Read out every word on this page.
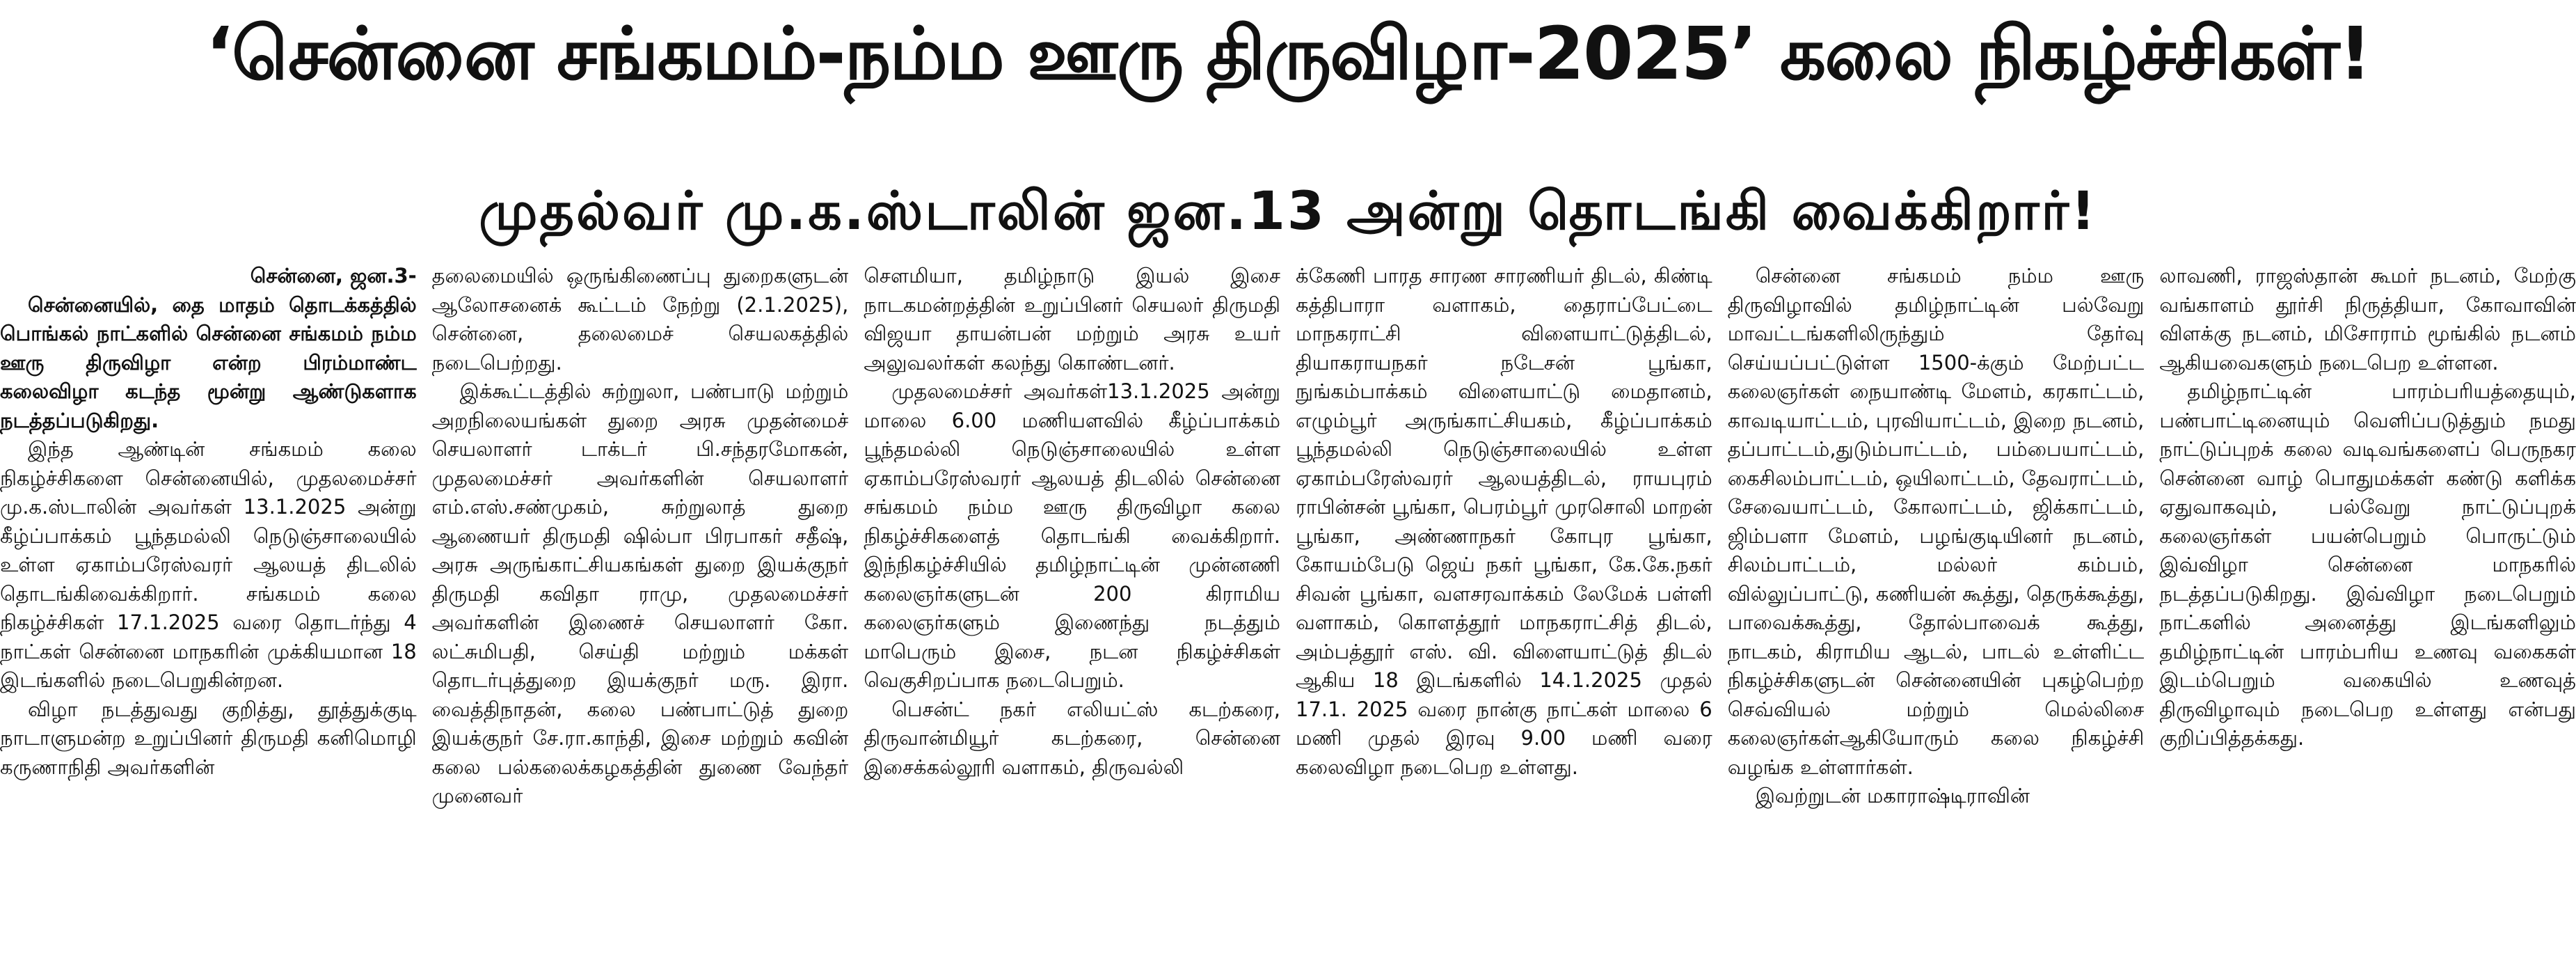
‘சென்னை சங்கமம்-நம்ம ஊரு திருவிழா-2025’ கலை நிகழ்ச்சிகள்!
முதல்வர் மு.க.ஸ்டாலின் ஜன.13 அன்று தொடங்கி வைக்கிறார்!

சென்னை, ஜன.3-

சென்னையில், தை மாதம் தொடக்கத்தில் பொங்கல் நாட்களில் சென்னை சங்கமம் நம்ம ஊரு திருவிழா என்ற பிரம்மாண்ட கலைவிழா கடந்த மூன்று ஆண்டுகளாக நடத்தப்படுகிறது.

இந்த ஆண்டின் சங்கமம் கலை நிகழ்ச்சிகளை சென்னையில், முதலமைச்சர் மு.க.ஸ்டாலின் அவர்கள் 13.1.2025 அன்று கீழ்ப்பாக்கம் பூந்தமல்லி நெடுஞ்சாலையில் உள்ள ஏகாம்பரேஸ்வரர் ஆலயத் திடலில் தொடங்கிவைக்கிறார். சங்கமம் கலை நிகழ்ச்சிகள் 17.1.2025 வரை தொடர்ந்து 4 நாட்கள் சென்னை மாநகரின் முக்கியமான 18 இடங்களில் நடைபெறுகின்றன.

விழா நடத்துவது குறித்து, தூத்துக்குடி நாடாளுமன்ற உறுப்பினர் திருமதி கனிமொழி கருணாநிதி அவர்களின்

தலைமையில் ஒருங்கிணைப்பு துறைகளுடன் ஆலோசனைக் கூட்டம் நேற்று (2.1.2025), சென்னை, தலைமைச் செயலகத்தில் நடைபெற்றது.

இக்கூட்டத்தில் சுற்றுலா, பண்பாடு மற்றும் அறநிலையங்கள் துறை அரசு முதன்மைச் செயலாளர் டாக்டர் பி.சந்தரமோகன், முதலமைச்சர் அவர்களின் செயலாளர் எம்.எஸ்.சண்முகம், சுற்றுலாத் துறை ஆணையர் திருமதி ஷில்பா பிரபாகர் சதீஷ், அரசு அருங்காட்சியகங்கள் துறை இயக்குநர் திருமதி கவிதா ராமு, முதலமைச்சர் அவர்களின் இணைச் செயலாளர் கோ. லட்சுமிபதி, செய்தி மற்றும் மக்கள் தொடர்புத்துறை இயக்குநர் மரு. இரா. வைத்திநாதன், கலை பண்பாட்டுத் துறை இயக்குநர் சே.ரா.காந்தி, இசை மற்றும் கவின் கலை பல்கலைக்கழகத்தின் துணை வேந்தர் முனைவர்

சௌமியா, தமிழ்நாடு இயல் இசை நாடகமன்றத்தின் உறுப்பினர் செயலர் திருமதி விஜயா தாயன்பன் மற்றும் அரசு உயர் அலுவலர்கள் கலந்து கொண்டனர்.

முதலமைச்சர் அவர்கள்13.1.2025 அன்று மாலை 6.00 மணியளவில் கீழ்ப்பாக்கம் பூந்தமல்லி நெடுஞ்சாலையில் உள்ள ஏகாம்பரேஸ்வரர் ஆலயத் திடலில் சென்னை சங்கமம் நம்ம ஊரு திருவிழா கலை நிகழ்ச்சிகளைத் தொடங்கி வைக்கிறார். இந்நிகழ்ச்சியில் தமிழ்நாட்டின் முன்னணி கலைஞர்களுடன் 200 கிராமிய கலைஞர்களும் இணைந்து நடத்தும் மாபெரும் இசை, நடன நிகழ்ச்சிகள் வெகுசிறப்பாக நடைபெறும்.

பெசன்ட் நகர் எலியட்ஸ் கடற்கரை, திருவான்மியூர் கடற்கரை, சென்னை இசைக்கல்லூரி வளாகம், திருவல்லி

க்கேணி பாரத சாரண சாரணியர் திடல், கிண்டி கத்திபாரா வளாகம், தைராப்பேட்டை மாநகராட்சி விளையாட்டுத்திடல், தியாகராயநகர் நடேசன் பூங்கா, நுங்கம்பாக்கம் விளையாட்டு மைதானம், எழும்பூர் அருங்காட்சியகம், கீழ்ப்பாக்கம் பூந்தமல்லி நெடுஞ்சாலையில் உள்ள ஏகாம்பரேஸ்வரர் ஆலயத்திடல், ராயபுரம் ராபின்சன் பூங்கா, பெரம்பூர் முரசொலி மாறன் பூங்கா, அண்ணாநகர் கோபுர பூங்கா, கோயம்பேடு ஜெய் நகர் பூங்கா, கே.கே.நகர் சிவன் பூங்கா, வளசரவாக்கம் லேமேக் பள்ளி வளாகம், கொளத்தூர் மாநகராட்சித் திடல், அம்பத்தூர் எஸ். வி. விளையாட்டுத் திடல் ஆகிய 18 இடங்களில் 14.1.2025 முதல் 17.1. 2025 வரை நான்கு நாட்கள் மாலை 6 மணி முதல் இரவு 9.00 மணி வரை கலைவிழா நடைபெற உள்ளது.

சென்னை சங்கமம் நம்ம ஊரு திருவிழாவில் தமிழ்நாட்டின் பல்வேறு மாவட்டங்களிலிருந்தும் தேர்வு செய்யப்பட்டுள்ள 1500-க்கும் மேற்பட்ட கலைஞர்கள் நையாண்டி மேளம், கரகாட்டம், காவடியாட்டம், புரவியாட்டம், இறை நடனம், தப்பாட்டம்,துடும்பாட்டம், பம்பையாட்டம், கைசிலம்பாட்டம், ஒயிலாட்டம், தேவராட்டம், சேவையாட்டம், கோலாட்டம், ஜிக்காட்டம், ஜிம்பளா மேளம், பழங்குடியினர் நடனம், சிலம்பாட்டம், மல்லர் கம்பம், வில்லுப்பாட்டு, கணியன் கூத்து, தெருக்கூத்து, பாவைக்கூத்து, தோல்பாவைக் கூத்து, நாடகம், கிராமிய ஆடல், பாடல் உள்ளிட்ட நிகழ்ச்சிகளுடன் சென்னையின் புகழ்பெற்ற செவ்வியல் மற்றும் மெல்லிசை கலைஞர்கள்ஆகியோரும் கலை நிகழ்ச்சி வழங்க உள்ளார்கள்.

இவற்றுடன் மகாராஷ்டிராவின்

லாவணி, ராஜஸ்தான் கூமர் நடனம், மேற்கு வங்காளம் தூர்சி நிருத்தியா, கோவாவின் விளக்கு நடனம், மிசோராம் மூங்கில் நடனம் ஆகியவைகளும் நடைபெற உள்ளன.

தமிழ்நாட்டின் பாரம்பரியத்தையும், பண்பாட்டினையும் வெளிப்படுத்தும் நமது நாட்டுப்புறக் கலை வடிவங்களைப் பெருநகர சென்னை வாழ் பொதுமக்கள் கண்டு களிக்க ஏதுவாகவும், பல்வேறு நாட்டுப்புறக் கலைஞர்கள் பயன்பெறும் பொருட்டும் இவ்விழா சென்னை மாநகரில் நடத்தப்படுகிறது. இவ்விழா நடைபெறும் நாட்களில் அனைத்து இடங்களிலும் தமிழ்நாட்டின் பாரம்பரிய உணவு வகைகள் இடம்பெறும் வகையில் உணவுத் திருவிழாவும் நடைபெற உள்ளது என்பது குறிப்பித்தக்கது.
